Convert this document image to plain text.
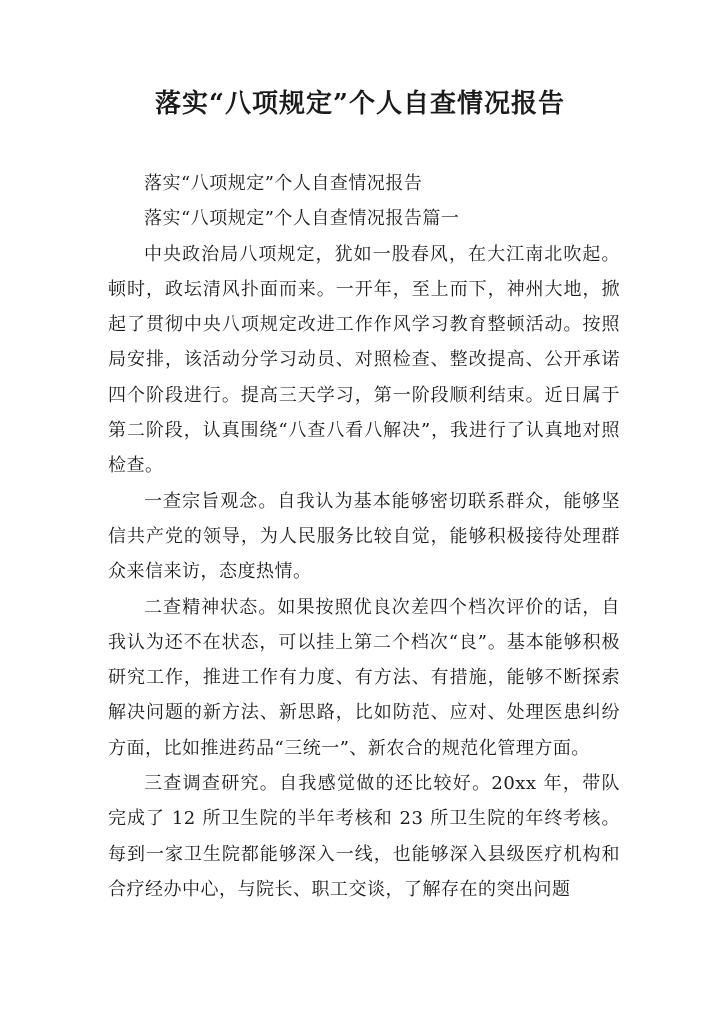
落实“八项规定”个人自查情况报告

落实“八项规定”个人自查情况报告

落实“八项规定”个人自查情况报告篇一

中央政治局八项规定，犹如一股春风，在大江南北吹起。顿时，政坛清风扑面而来。一开年，至上而下，神州大地，掀起了贯彻中央八项规定改进工作作风学习教育整顿活动。按照局安排，该活动分学习动员、对照检查、整改提高、公开承诺四个阶段进行。提高三天学习，第一阶段顺利结束。近日属于第二阶段，认真围绕“八查八看八解决”，我进行了认真地对照检查。

一查宗旨观念。自我认为基本能够密切联系群众，能够坚信共产党的领导，为人民服务比较自觉，能够积极接待处理群众来信来访，态度热情。

二查精神状态。如果按照优良次差四个档次评价的话，自我认为还不在状态，可以挂上第二个档次“良”。基本能够积极研究工作，推进工作有力度、有方法、有措施，能够不断探索解决问题的新方法、新思路，比如防范、应对、处理医患纠纷方面，比如推进药品“三统一”、新农合的规范化管理方面。

三查调查研究。自我感觉做的还比较好。20xx 年，带队完成了 12 所卫生院的半年考核和 23 所卫生院的年终考核。每到一家卫生院都能够深入一线，也能够深入县级医疗机构和合疗经办中心，与院长、职工交谈，了解存在的突出问题
